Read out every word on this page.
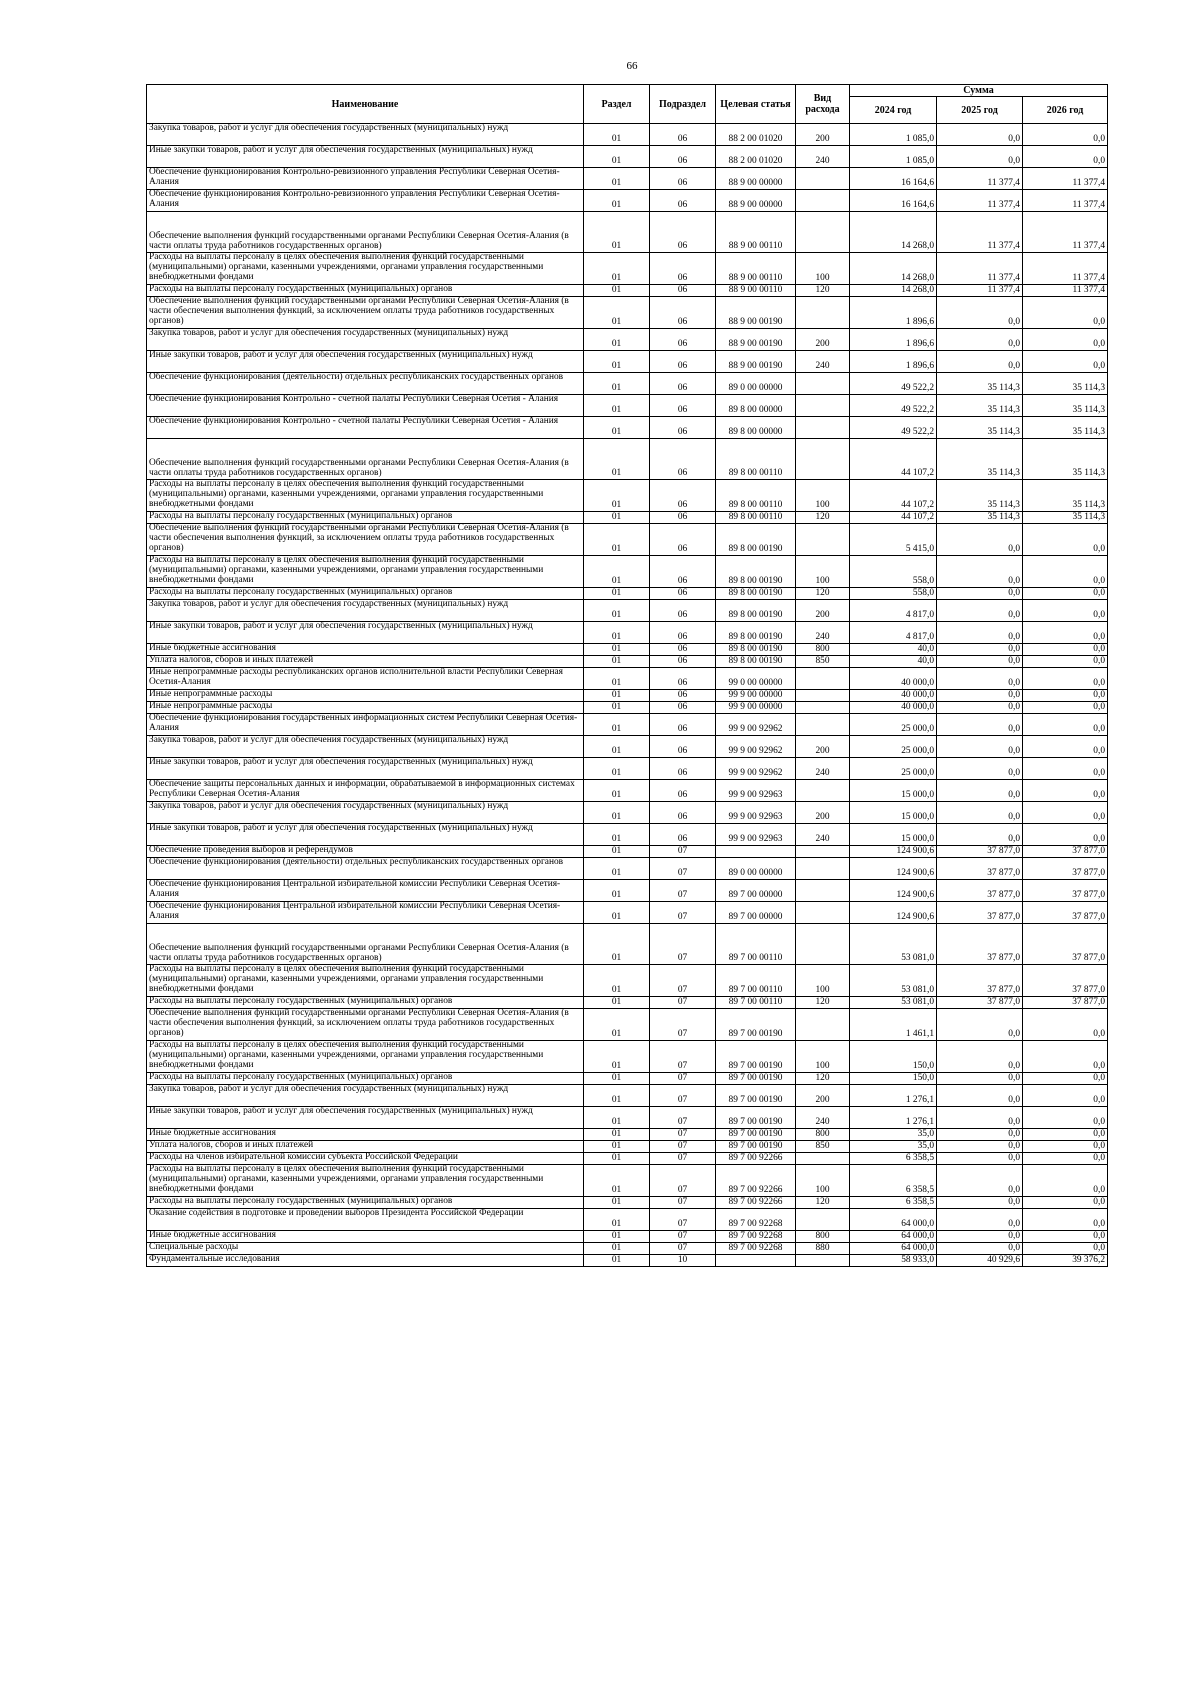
66
Наименование	Раздел	Подраздел	Целевая статья	Вид расхода	Сумма		
					2024 год	2025 год	2026 год
Закупка товаров, работ и услуг для обеспечения государственных (муниципальных) нужд	01	06	88 2 00 01020	200	1 085,0	0,0	0,0
Иные закупки товаров, работ и услуг для обеспечения государственных (муниципальных) нужд	01	06	88 2 00 01020	240	1 085,0	0,0	0,0
Обеспечение функционирования Контрольно-ревизионного управления Республики Северная Осетия-Алания	01	06	88 9 00 00000		16 164,6	11 377,4	11 377,4
Обеспечение функционирования Контрольно-ревизионного управления Республики Северная Осетия-Алания	01	06	88 9 00 00000		16 164,6	11 377,4	11 377,4
Обеспечение выполнения функций государственными органами Республики Северная Осетия-Алания (в части оплаты труда работников государственных органов)	01	06	88 9 00 00110		14 268,0	11 377,4	11 377,4
Расходы на выплаты персоналу в целях обеспечения выполнения функций государственными (муниципальными) органами, казенными учреждениями, органами управления государственными внебюджетными фондами	01	06	88 9 00 00110	100	14 268,0	11 377,4	11 377,4
Расходы на выплаты персоналу государственных (муниципальных) органов	01	06	88 9 00 00110	120	14 268,0	11 377,4	11 377,4
Обеспечение выполнения функций государственными органами Республики Северная Осетия-Алания (в части обеспечения выполнения функций, за исключением оплаты труда работников государственных органов)	01	06	88 9 00 00190		1 896,6	0,0	0,0
Закупка товаров, работ и услуг для обеспечения государственных (муниципальных) нужд	01	06	88 9 00 00190	200	1 896,6	0,0	0,0
Иные закупки товаров, работ и услуг для обеспечения государственных (муниципальных) нужд	01	06	88 9 00 00190	240	1 896,6	0,0	0,0
Обеспечение функционирования (деятельности) отдельных республиканских государственных органов	01	06	89 0 00 00000		49 522,2	35 114,3	35 114,3
Обеспечение функционирования Контрольно - счетной палаты Республики Северная Осетия - Алания	01	06	89 8 00 00000		49 522,2	35 114,3	35 114,3
Обеспечение функционирования Контрольно - счетной палаты Республики Северная Осетия - Алания	01	06	89 8 00 00000		49 522,2	35 114,3	35 114,3
Обеспечение выполнения функций государственными органами Республики Северная Осетия-Алания (в части оплаты труда работников государственных органов)	01	06	89 8 00 00110		44 107,2	35 114,3	35 114,3
Расходы на выплаты персоналу в целях обеспечения выполнения функций государственными (муниципальными) органами, казенными учреждениями, органами управления государственными внебюджетными фондами	01	06	89 8 00 00110	100	44 107,2	35 114,3	35 114,3
Расходы на выплаты персоналу государственных (муниципальных) органов	01	06	89 8 00 00110	120	44 107,2	35 114,3	35 114,3
Обеспечение выполнения функций государственными органами Республики Северная Осетия-Алания (в части обеспечения выполнения функций, за исключением оплаты труда работников государственных органов)	01	06	89 8 00 00190		5 415,0	0,0	0,0
Расходы на выплаты персоналу в целях обеспечения выполнения функций государственными (муниципальными) органами, казенными учреждениями, органами управления государственными внебюджетными фондами	01	06	89 8 00 00190	100	558,0	0,0	0,0
Расходы на выплаты персоналу государственных (муниципальных) органов	01	06	89 8 00 00190	120	558,0	0,0	0,0
Закупка товаров, работ и услуг для обеспечения государственных (муниципальных) нужд	01	06	89 8 00 00190	200	4 817,0	0,0	0,0
Иные закупки товаров, работ и услуг для обеспечения государственных (муниципальных) нужд	01	06	89 8 00 00190	240	4 817,0	0,0	0,0
Иные бюджетные ассигнования	01	06	89 8 00 00190	800	40,0	0,0	0,0
Уплата налогов, сборов и иных платежей	01	06	89 8 00 00190	850	40,0	0,0	0,0
Иные непрограммные расходы республиканских органов исполнительной власти Республики Северная Осетия-Алания	01	06	99 0 00 00000		40 000,0	0,0	0,0
Иные непрограммные расходы	01	06	99 9 00 00000		40 000,0	0,0	0,0
Иные непрограммные расходы	01	06	99 9 00 00000		40 000,0	0,0	0,0
Обеспечение функционирования государственных информационных систем Республики Северная Осетия-Алания	01	06	99 9 00 92962		25 000,0	0,0	0,0
Закупка товаров, работ и услуг для обеспечения государственных (муниципальных) нужд	01	06	99 9 00 92962	200	25 000,0	0,0	0,0
Иные закупки товаров, работ и услуг для обеспечения государственных (муниципальных) нужд	01	06	99 9 00 92962	240	25 000,0	0,0	0,0
Обеспечение защиты персональных данных и информации, обрабатываемой в информационных системах Республики Северная Осетия-Алания	01	06	99 9 00 92963		15 000,0	0,0	0,0
Закупка товаров, работ и услуг для обеспечения государственных (муниципальных) нужд	01	06	99 9 00 92963	200	15 000,0	0,0	0,0
Иные закупки товаров, работ и услуг для обеспечения государственных (муниципальных) нужд	01	06	99 9 00 92963	240	15 000,0	0,0	0,0
Обеспечение проведения выборов и референдумов	01	07			124 900,6	37 877,0	37 877,0
Обеспечение функционирования (деятельности) отдельных республиканских государственных органов	01	07	89 0 00 00000		124 900,6	37 877,0	37 877,0
Обеспечение функционирования Центральной избирательной комиссии Республики Северная Осетия-Алания	01	07	89 7 00 00000		124 900,6	37 877,0	37 877,0
Обеспечение функционирования Центральной избирательной комиссии Республики Северная Осетия-Алания	01	07	89 7 00 00000		124 900,6	37 877,0	37 877,0
Обеспечение выполнения функций государственными органами Республики Северная Осетия-Алания (в части оплаты труда работников государственных органов)	01	07	89 7 00 00110		53 081,0	37 877,0	37 877,0
Расходы на выплаты персоналу в целях обеспечения выполнения функций государственными (муниципальными) органами, казенными учреждениями, органами управления государственными внебюджетными фондами	01	07	89 7 00 00110	100	53 081,0	37 877,0	37 877,0
Расходы на выплаты персоналу государственных (муниципальных) органов	01	07	89 7 00 00110	120	53 081,0	37 877,0	37 877,0
Обеспечение выполнения функций государственными органами Республики Северная Осетия-Алания (в части обеспечения выполнения функций, за исключением оплаты труда работников государственных органов)	01	07	89 7 00 00190		1 461,1	0,0	0,0
Расходы на выплаты персоналу в целях обеспечения выполнения функций государственными (муниципальными) органами, казенными учреждениями, органами управления государственными внебюджетными фондами	01	07	89 7 00 00190	100	150,0	0,0	0,0
Расходы на выплаты персоналу государственных (муниципальных) органов	01	07	89 7 00 00190	120	150,0	0,0	0,0
Закупка товаров, работ и услуг для обеспечения государственных (муниципальных) нужд	01	07	89 7 00 00190	200	1 276,1	0,0	0,0
Иные закупки товаров, работ и услуг для обеспечения государственных (муниципальных) нужд	01	07	89 7 00 00190	240	1 276,1	0,0	0,0
Иные бюджетные ассигнования	01	07	89 7 00 00190	800	35,0	0,0	0,0
Уплата налогов, сборов и иных платежей	01	07	89 7 00 00190	850	35,0	0,0	0,0
Расходы на членов избирательной комиссии субъекта Российской Федерации	01	07	89 7 00 92266		6 358,5	0,0	0,0
Расходы на выплаты персоналу в целях обеспечения выполнения функций государственными (муниципальными) органами, казенными учреждениями, органами управления государственными внебюджетными фондами	01	07	89 7 00 92266	100	6 358,5	0,0	0,0
Расходы на выплаты персоналу государственных (муниципальных) органов	01	07	89 7 00 92266	120	6 358,5	0,0	0,0
Оказание содействия в подготовке и проведении выборов Президента Российской Федерации	01	07	89 7 00 92268		64 000,0	0,0	0,0
Иные бюджетные ассигнования	01	07	89 7 00 92268	800	64 000,0	0,0	0,0
Специальные расходы	01	07	89 7 00 92268	880	64 000,0	0,0	0,0
Фундаментальные исследования	01	10			58 933,0	40 929,6	39 376,2
